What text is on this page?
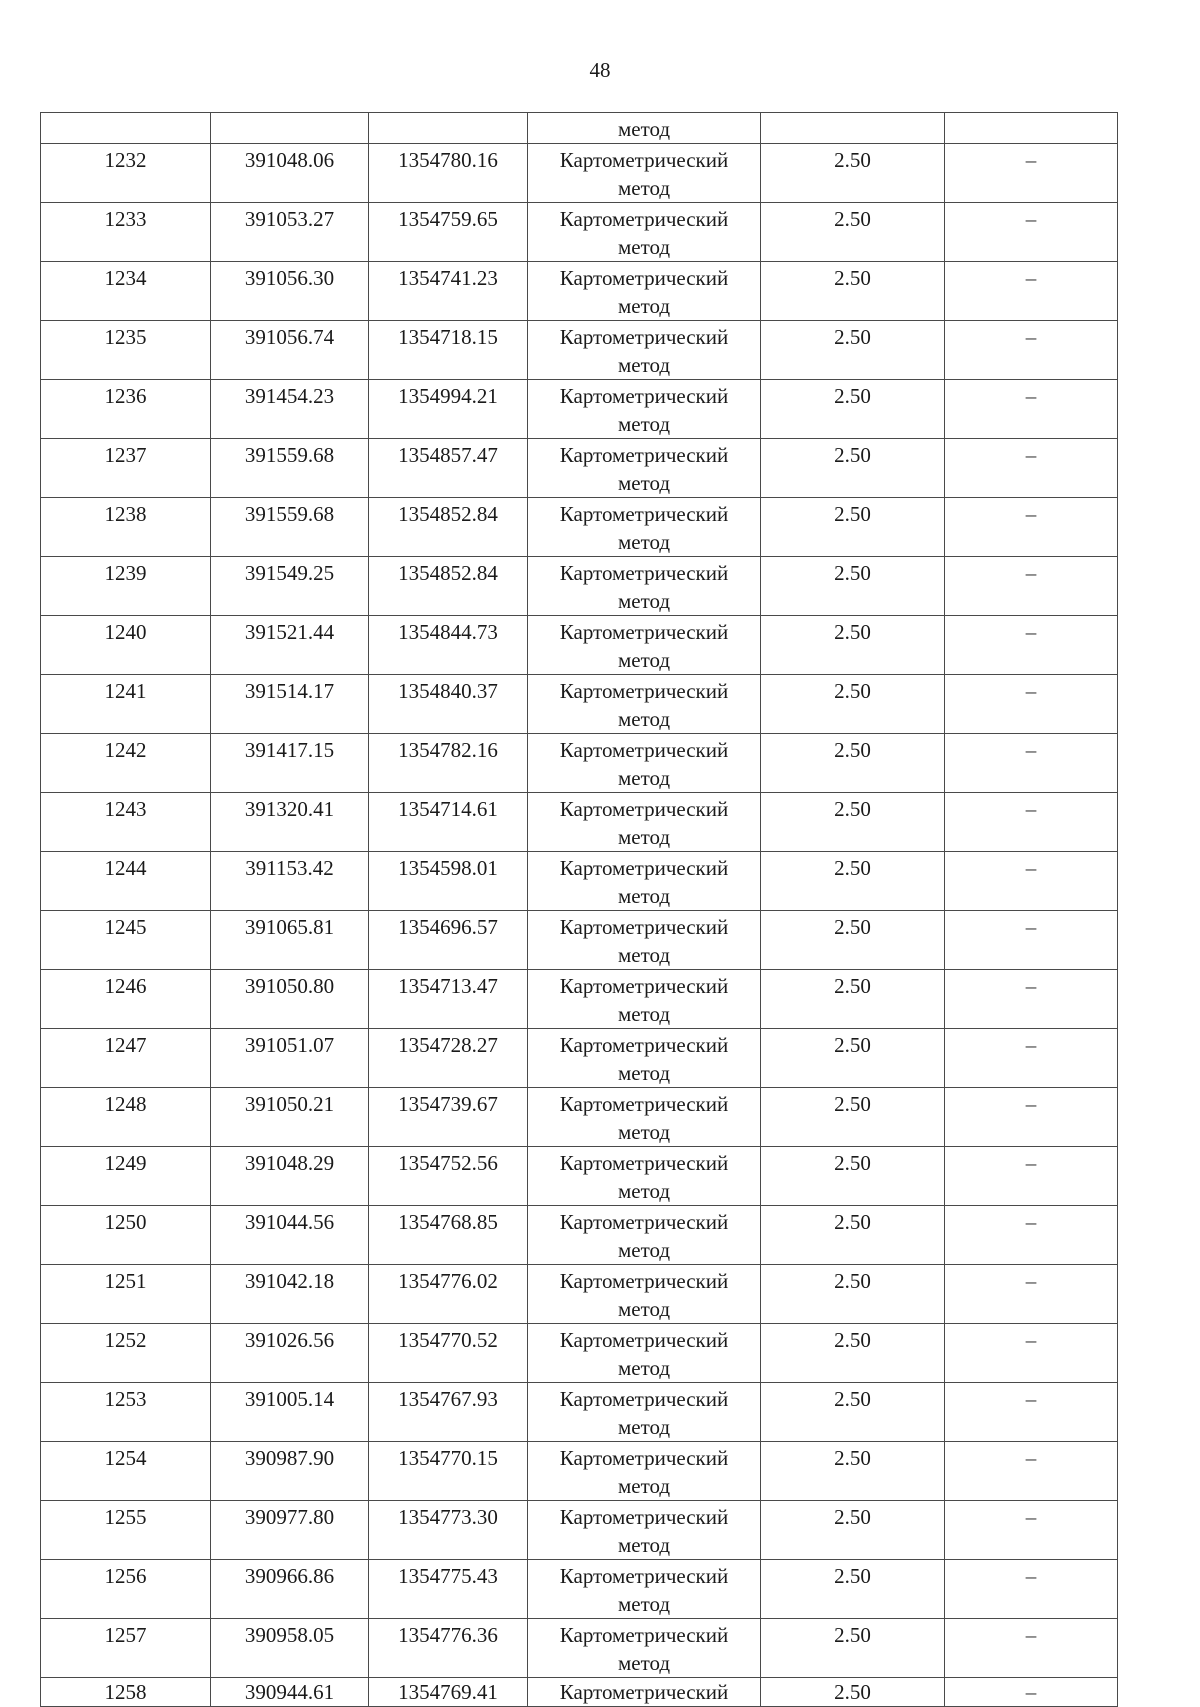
48

			метод		

1232	391048.06	1354780.16	Картометрический
метод	2.50	–

1233	391053.27	1354759.65	Картометрический
метод	2.50	–

1234	391056.30	1354741.23	Картометрический
метод	2.50	–

1235	391056.74	1354718.15	Картометрический
метод	2.50	–

1236	391454.23	1354994.21	Картометрический
метод	2.50	–

1237	391559.68	1354857.47	Картометрический
метод	2.50	–

1238	391559.68	1354852.84	Картометрический
метод	2.50	–

1239	391549.25	1354852.84	Картометрический
метод	2.50	–

1240	391521.44	1354844.73	Картометрический
метод	2.50	–

1241	391514.17	1354840.37	Картометрический
метод	2.50	–

1242	391417.15	1354782.16	Картометрический
метод	2.50	–

1243	391320.41	1354714.61	Картометрический
метод	2.50	–

1244	391153.42	1354598.01	Картометрический
метод	2.50	–

1245	391065.81	1354696.57	Картометрический
метод	2.50	–

1246	391050.80	1354713.47	Картометрический
метод	2.50	–

1247	391051.07	1354728.27	Картометрический
метод	2.50	–

1248	391050.21	1354739.67	Картометрический
метод	2.50	–

1249	391048.29	1354752.56	Картометрический
метод	2.50	–

1250	391044.56	1354768.85	Картометрический
метод	2.50	–

1251	391042.18	1354776.02	Картометрический
метод	2.50	–

1252	391026.56	1354770.52	Картометрический
метод	2.50	–

1253	391005.14	1354767.93	Картометрический
метод	2.50	–

1254	390987.90	1354770.15	Картометрический
метод	2.50	–

1255	390977.80	1354773.30	Картометрический
метод	2.50	–

1256	390966.86	1354775.43	Картометрический
метод	2.50	–

1257	390958.05	1354776.36	Картометрический
метод	2.50	–

1258	390944.61	1354769.41	Картометрический	2.50	–
